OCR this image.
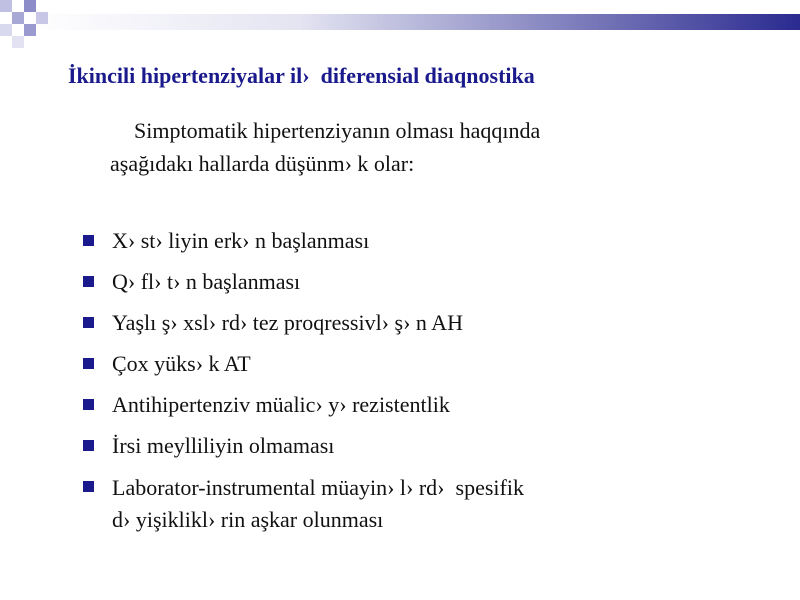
İkincili hipertenziyalar il›  diferensial diaqnostika
Simptomatik hipertenziyanın olması haqqında
aşağıdakı hallarda düşünm› k olar:
X› st› liyin erk› n başlanması
Q› fl› t› n başlanması
Yaşlı ş› xsl› rd› tez proqressivl› ş› n AH
Çox yüks› k AT
Antihipertenziv müalic› y› rezistentlik
İrsi meylliliyin olmaması
Laborator-instrumental müayin› l› rd›  spesifik
d› yişiklikl› rin aşkar olunması
